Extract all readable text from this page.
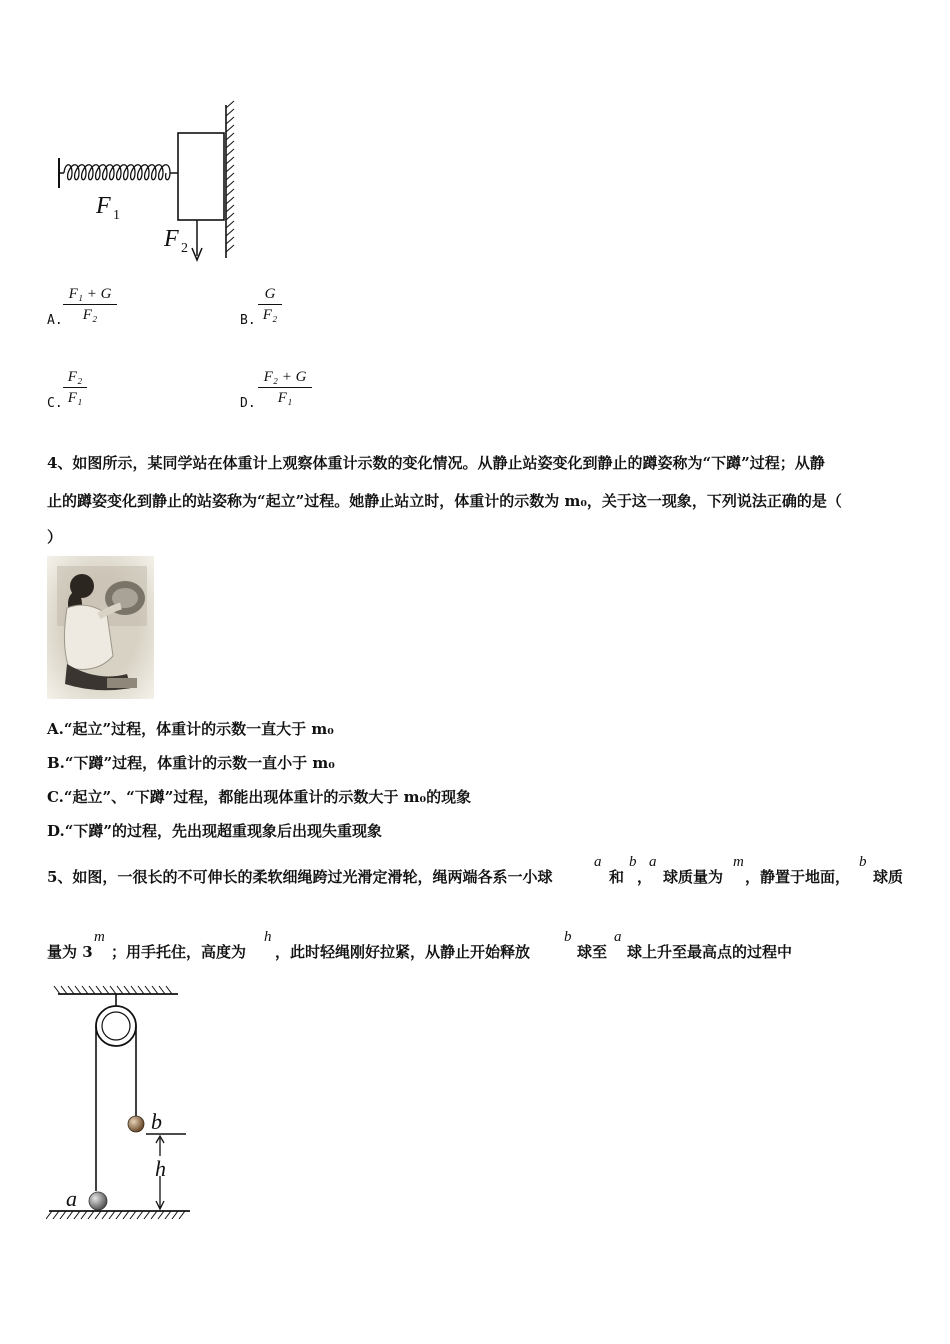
F 1
F 2
A.
F₁ + G
F₂	B.
G
F₂
C.
F₂
F₁	D.
F₂ + G
F₁
4、如图所示，某同学站在体重计上观察体重计示数的变化情况。从静止站姿变化到静止的蹲姿称为“下蹲”过程；从静
止的蹲姿变化到静止的站姿称为“起立”过程。她静止站立时，体重计的示数为 m₀，关于这一现象，下列说法正确的是（
）
A.“起立”过程，体重计的示数一直大于 m₀
B.“下蹲”过程，体重计的示数一直小于 m₀
C.“起立”、“下蹲”过程，都能出现体重计的示数大于 m₀的现象
D.“下蹲”的过程，先出现超重现象后出现失重现象
5、如图，一很长的不可伸长的柔软细绳跨过光滑定滑轮，绳两端各系一小球
a
和
b
，
a
球质量为
m
，静置于地面，
b
球质
量为 3
m
；用手托住，高度为
h
，此时轻绳刚好拉紧，从静止开始释放
b
球至
a
球上升至最高点的过程中
b
h
a
